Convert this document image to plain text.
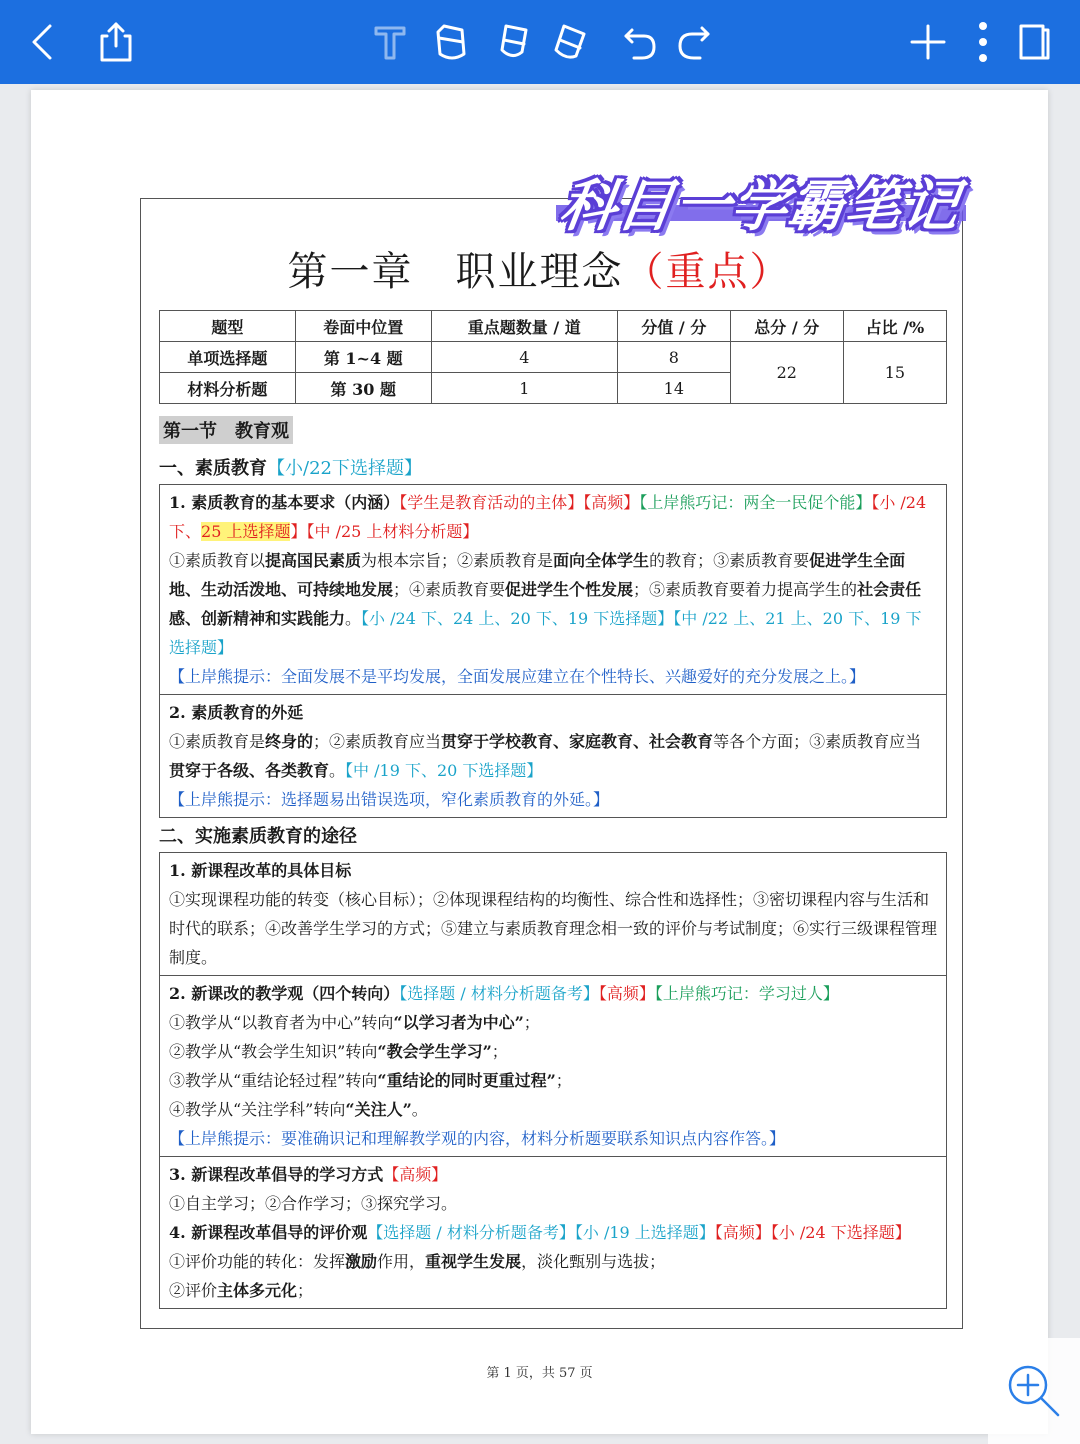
科目一学霸笔记
第一章　职业理念（重点）
题型	卷面中位置	重点题数量 / 道	分值 / 分	总分 / 分	占比 /%
单项选择题	第 1~4 题	4	8	22	15
材料分析题	第 30 题	1	14		
第一节　教育观
一、素质教育【小/22下选择题】
1. 素质教育的基本要求（内涵）【学生是教育活动的主体】【高频】【上岸熊巧记：两全一民促个能】【小 /24 下、25 上选择题】【中 /25 上材料分析题】
①素质教育以提高国民素质为根本宗旨；②素质教育是面向全体学生的教育；③素质教育要促进学生全面地、生动活泼地、可持续地发展；④素质教育要促进学生个性发展；⑤素质教育要着力提高学生的社会责任感、创新精神和实践能力。【小 /24 下、24 上、20 下、19 下选择题】【中 /22 上、21 上、20 下、19 下选择题】
【上岸熊提示：全面发展不是平均发展，全面发展应建立在个性特长、兴趣爱好的充分发展之上。】
2. 素质教育的外延
①素质教育是终身的；②素质教育应当贯穿于学校教育、家庭教育、社会教育等各个方面；③素质教育应当贯穿于各级、各类教育。【中 /19 下、20 下选择题】
【上岸熊提示：选择题易出错误选项，窄化素质教育的外延。】
二、实施素质教育的途径
1. 新课程改革的具体目标
①实现课程功能的转变（核心目标）；②体现课程结构的均衡性、综合性和选择性；③密切课程内容与生活和时代的联系；④改善学生学习的方式；⑤建立与素质教育理念相一致的评价与考试制度；⑥实行三级课程管理制度。
2. 新课改的教学观（四个转向）【选择题 / 材料分析题备考】【高频】【上岸熊巧记：学习过人】
①教学从“以教育者为中心”转向“以学习者为中心”；
②教学从“教会学生知识”转向“教会学生学习”；
③教学从“重结论轻过程”转向“重结论的同时更重过程”；
④教学从“关注学科”转向“关注人”。
【上岸熊提示：要准确识记和理解教学观的内容，材料分析题要联系知识点内容作答。】
3. 新课程改革倡导的学习方式【高频】
①自主学习；②合作学习；③探究学习。
4. 新课程改革倡导的评价观【选择题 / 材料分析题备考】【小 /19 上选择题】【高频】【小 /24 下选择题】
①评价功能的转化：发挥激励作用，重视学生发展，淡化甄别与选拔；
②评价主体多元化；
第 1 页，共 57 页
